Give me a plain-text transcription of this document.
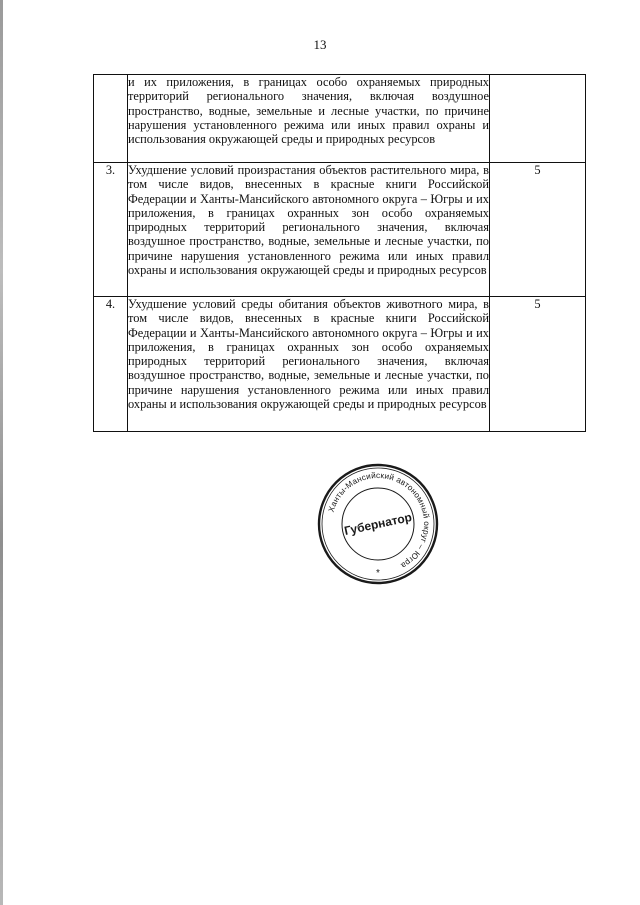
13
	и их приложения, в границах особо охраняемых природных территорий регионального значения, включая воздушное пространство, водные, земельные и лесные участки, по причине нарушения установленного режима или иных правил охраны и использования окружающей среды и природных ресурсов	
3.	Ухудшение условий произрастания объектов растительного мира, в том числе видов, внесенных в красные книги Российской Федерации и Ханты-Мансийского автономного округа – Югры и их приложения, в границах охранных зон особо охраняемых природных территорий регионального значения, включая воздушное пространство, водные, земельные и лесные участки, по причине нарушения установленного режима или иных правил охраны и использования окружающей среды и природных ресурсов	5
4.	Ухудшение условий среды обитания объектов животного мира, в том числе видов, внесенных в красные книги Российской Федерации и Ханты-Мансийского автономного округа – Югры и их приложения, в границах охранных зон особо охраняемых природных территорий регионального значения, включая воздушное пространство, водные, земельные и лесные участки, по причине нарушения установленного режима или иных правил охраны и использования окружающей среды и природных ресурсов	5
Ханты-Мансийский автономный округ – Югра
Губернатор
*
